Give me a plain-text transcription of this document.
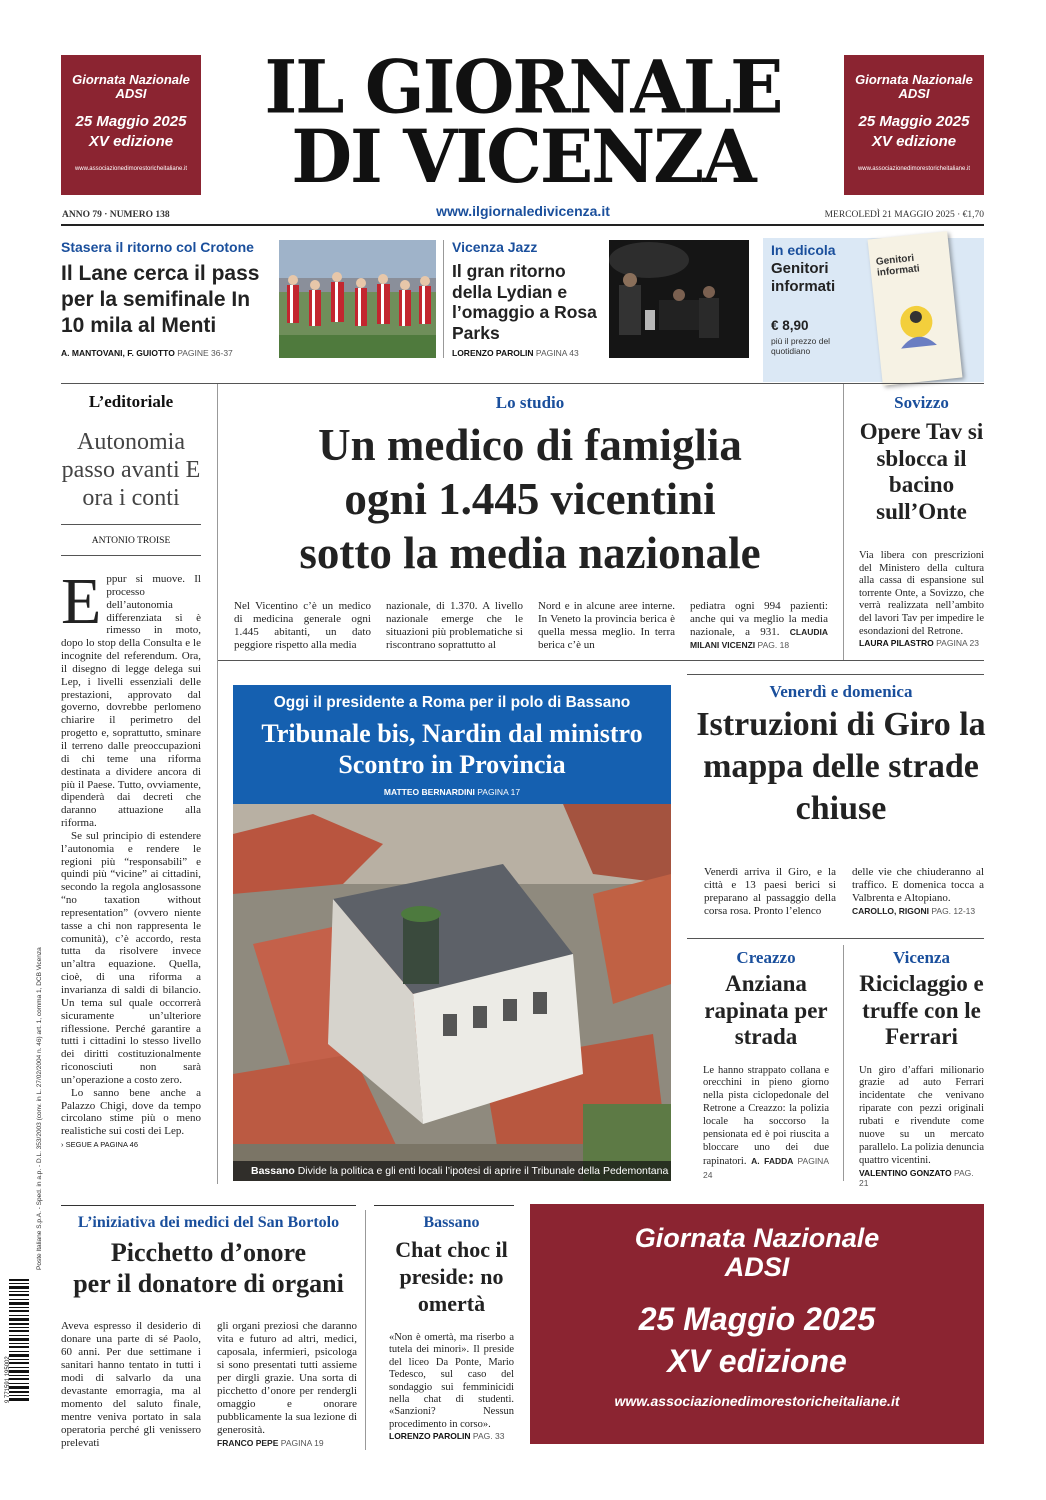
Giornata Nazionale ADSI
25 Maggio 2025
XV edizione
www.associazionedimorestoricheitaliane.it
Giornata Nazionale ADSI
25 Maggio 2025
XV edizione
www.associazionedimorestoricheitaliane.it
IL GIORNALE
DI VICENZA
www.ilgiornaledivicenza.it
ANNO 79 · NUMERO 138	MERCOLEDÌ 21 MAGGIO 2025 · €1,70
Stasera il ritorno col Crotone
Il Lane cerca il pass per la semifinale In 10 mila al Menti
A. MANTOVANI, F. GUIOTTO PAGINE 36-37
Vicenza Jazz
Il gran ritorno della Lydian e l’omaggio a Rosa Parks
LORENZO PAROLIN PAGINA 43
In edicola
Genitori informati
€ 8,90
più il prezzo del quotidiano
Genitori informati
L’editoriale
Autonomia passo avanti E ora i conti
ANTONIO TROISE
Eppur si muove. Il processo dell’autonomia differenziata si è rimesso in moto, dopo lo stop della Consulta e le incognite del referendum. Ora, il disegno di legge delega sui Lep, i livelli essenziali delle prestazioni, approvato dal governo, dovrebbe perlomeno chiarire il perimetro del progetto e, soprattutto, sminare il terreno dalle preoccupazioni di chi teme una riforma destinata a dividere ancora di più il Paese. Tutto, ovviamente, dipenderà dai decreti che daranno attuazione alla riforma.
Se sul principio di estendere l’autonomia e rendere le regioni più “responsabili” e quindi più “vicine” ai cittadini, secondo la regola anglosassone “no taxation without representation” (ovvero niente tasse a chi non rappresenta le comunità), c’è accordo, resta tutta da risolvere invece un’altra equazione. Quella, cioè, di una riforma a invarianza di saldi di bilancio. Un tema sul quale occorrerà sicuramente un’ulteriore riflessione. Perché garantire a tutti i cittadini lo stesso livello dei diritti costituzionalmente riconosciuti non sarà un’operazione a costo zero.
Lo sanno bene anche a Palazzo Chigi, dove da tempo circolano stime più o meno realistiche sui costi dei Lep.
› SEGUE A PAGINA 46
Poste Italiane S.p.A. - Sped. in a.p. - D.L. 353/2003 (conv. in L. 27/02/2004 n. 46) art. 1, comma 1, DCB Vicenza
9 771591 195002
Lo studio
Un medico di famiglia
ogni 1.445 vicentini
sotto la media nazionale
Nel Vicentino c’è un medico di medicina generale ogni 1.445 abitanti, un dato peggiore rispetto alla media
nazionale, di 1.370. A livello nazionale emerge che le situazioni più problematiche si riscontrano soprattutto al
Nord e in alcune aree interne. In Veneto la provincia berica è quella messa meglio. In terra berica c’è un
pediatra ogni 994 pazienti: anche qui va meglio la media nazionale, a 931. CLAUDIA MILANI VICENZI PAG. 18
Sovizzo
Opere Tav si sblocca il bacino sull’Onte
Via libera con prescrizioni del Ministero della cultura alla cassa di espansione sul torrente Onte, a Sovizzo, che verrà realizzata nell’ambito del lavori Tav per impedire le esondazioni del Retrone.
LAURA PILASTRO PAGINA 23
Oggi il presidente a Roma per il polo di Bassano
Tribunale bis, Nardin dal ministro
Scontro in Provincia
MATTEO BERNARDINI PAGINA 17
Bassano Divide la politica e gli enti locali l’ipotesi di aprire il Tribunale della Pedemontana
Venerdì e domenica
Istruzioni di Giro la mappa delle strade chiuse
Venerdì arriva il Giro, e la città e 13 paesi berici si preparano al passaggio della corsa rosa. Pronto l’elenco
delle vie che chiuderanno al traffico. E domenica tocca a Valbrenta e Altopiano.
CAROLLO, RIGONI PAG. 12-13
Creazzo
Anziana rapinata per strada
Le hanno strappato collana e orecchini in pieno giorno nella pista ciclopedonale del Retrone a Creazzo: la polizia locale ha soccorso la pensionata ed è poi riuscita a bloccare uno dei due rapinatori. A. FADDA PAGINA 24
Vicenza
Riciclaggio e truffe con le Ferrari
Un giro d’affari milionario grazie ad auto Ferrari incidentate che venivano riparate con pezzi originali rubati e rivendute come nuove su un mercato parallelo. La polizia denuncia quattro vicentini.
VALENTINO GONZATO PAG. 21
L’iniziativa dei medici del San Bortolo
Picchetto d’onore
per il donatore di organi
Aveva espresso il desiderio di donare una parte di sé Paolo, 60 anni. Per due settimane i sanitari hanno tentato in tutti i modi di salvarlo da una devastante emorragia, ma al momento del saluto finale, mentre veniva portato in sala operatoria perché gli venissero prelevati
gli organi preziosi che daranno vita e futuro ad altri, medici, caposala, infermieri, psicologa si sono presentati tutti assieme per dirgli grazie. Una sorta di picchetto d’onore per rendergli omaggio e onorare pubblicamente la sua lezione di generosità.
FRANCO PEPE PAGINA 19
Bassano
Chat choc il preside: no omertà
«Non è omertà, ma riserbo a tutela dei minori». Il preside del liceo Da Ponte, Mario Tedesco, sul caso del sondaggio sui femminicidi nella chat di studenti. «Sanzioni? Nessun procedimento in corso».
LORENZO PAROLIN PAG. 33
Giornata Nazionale
ADSI
25 Maggio 2025
XV edizione
www.associazionedimorestoricheitaliane.it
